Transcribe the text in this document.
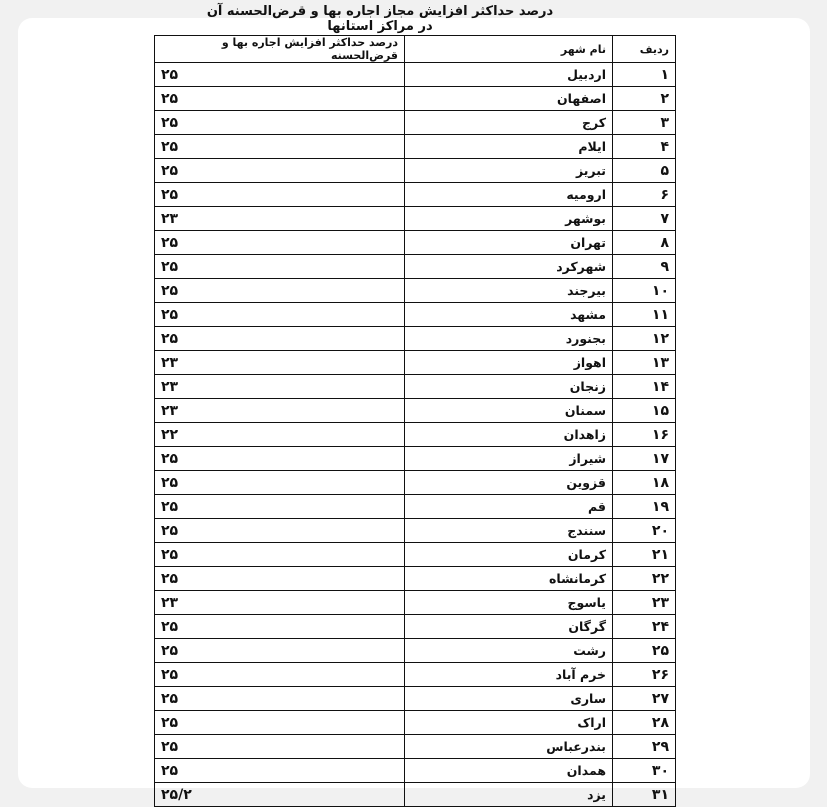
درصد حداکثر افزایش مجاز اجاره بها و قرض‌الحسنه آن در مراکز استانها
ردیف	نام شهر	درصد حداکثر افزایش اجاره بها و قرض‌الحسنه
۱	اردبیل	۲۵
۲	اصفهان	۲۵
۳	کرج	۲۵
۴	ایلام	۲۵
۵	تبریز	۲۵
۶	ارومیه	۲۵
۷	بوشهر	۲۳
۸	تهران	۲۵
۹	شهرکرد	۲۵
۱۰	بیرجند	۲۵
۱۱	مشهد	۲۵
۱۲	بجنورد	۲۵
۱۳	اهواز	۲۳
۱۴	زنجان	۲۳
۱۵	سمنان	۲۳
۱۶	زاهدان	۲۲
۱۷	شیراز	۲۵
۱۸	قزوین	۲۵
۱۹	قم	۲۵
۲۰	سنندج	۲۵
۲۱	کرمان	۲۵
۲۲	کرمانشاه	۲۵
۲۳	یاسوج	۲۳
۲۴	گرگان	۲۵
۲۵	رشت	۲۵
۲۶	خرم آباد	۲۵
۲۷	ساری	۲۵
۲۸	اراک	۲۵
۲۹	بندرعباس	۲۵
۳۰	همدان	۲۵
۳۱	یزد	۲۵/۲
